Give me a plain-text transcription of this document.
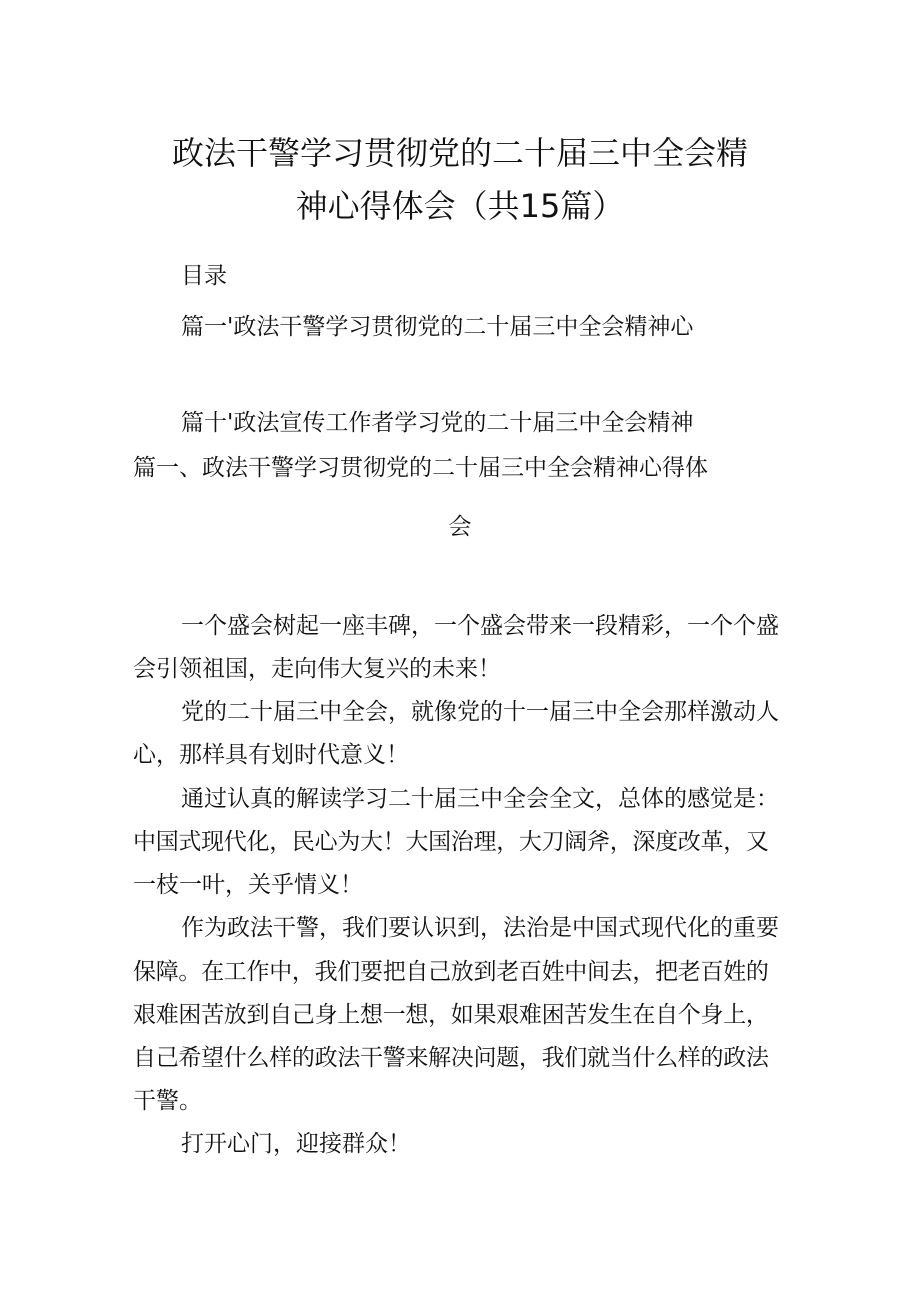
政法干警学习贯彻党的二十届三中全会精
神心得体会（共15篇）
目录
篇一'政法干警学习贯彻党的二十届三中全会精神心
篇十'政法宣传工作者学习党的二十届三中全会精神
篇一、政法干警学习贯彻党的二十届三中全会精神心得体
会
一个盛会树起一座丰碑，一个盛会带来一段精彩，一个个盛
会引领祖国，走向伟大复兴的未来！
党的二十届三中全会，就像党的十一届三中全会那样激动人
心，那样具有划时代意义！
通过认真的解读学习二十届三中全会全文，总体的感觉是：
中国式现代化，民心为大！大国治理，大刀阔斧，深度改革，又
一枝一叶，关乎情义！
作为政法干警，我们要认识到，法治是中国式现代化的重要
保障。在工作中，我们要把自己放到老百姓中间去，把老百姓的
艰难困苦放到自己身上想一想，如果艰难困苦发生在自个身上，
自己希望什么样的政法干警来解决问题，我们就当什么样的政法
干警。
打开心门，迎接群众！
